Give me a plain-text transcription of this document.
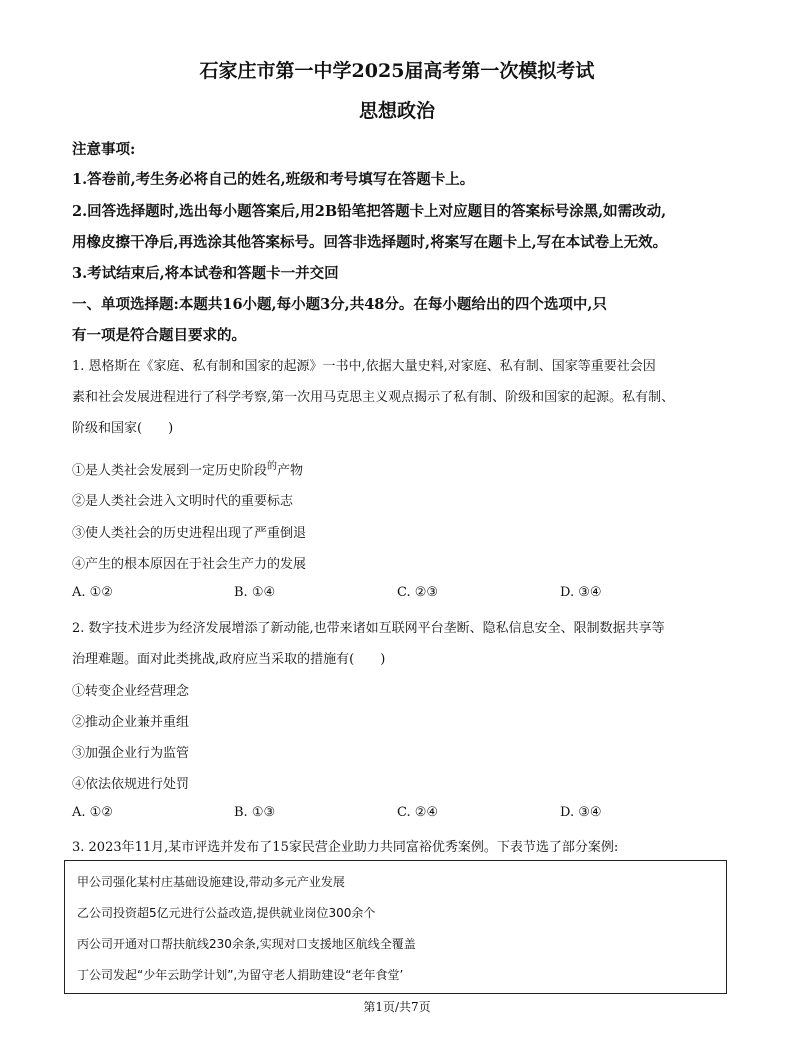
石家庄市第一中学2025届高考第一次模拟考试
思想政治
注意事项:
1.答卷前,考生务必将自己的姓名,班级和考号填写在答题卡上。
2.回答选择题时,选出每小题答案后,用2B铅笔把答题卡上对应题目的答案标号涂黑,如需改动,
用橡皮擦干净后,再选涂其他答案标号。回答非选择题时,将案写在题卡上,写在本试卷上无效。
3.考试结束后,将本试卷和答题卡一并交回
一、单项选择题:本题共16小题,每小题3分,共48分。在每小题给出的四个选项中,只
有一项是符合题目要求的。
1. 恩格斯在《家庭、私有制和国家的起源》一书中,依据大量史料,对家庭、私有制、国家等重要社会因
素和社会发展进程进行了科学考察,第一次用马克思主义观点揭示了私有制、阶级和国家的起源。私有制、
阶级和国家(　　)
①是人类社会发展到一定历史阶段$^的$产物
②是人类社会进入文明时代的重要标志
③使人类社会的历史进程出现了严重倒退
④产生的根本原因在于社会生产力的发展
A. ①②	B. ①④	C. ②③	D. ③④
2. 数字技术进步为经济发展增添了新动能,也带来诸如互联网平台垄断、隐私信息安全、限制数据共享等
治理难题。面对此类挑战,政府应当采取的措施有(　　)
①转变企业经营理念
②推动企业兼并重组
③加强企业行为监管
④依法依规进行处罚
A. ①②	B. ①③	C. ②④	D. ③④
3. 2023年11月,某市评选并发布了15家民营企业助力共同富裕优秀案例。下表节选了部分案例:
甲公司强化某村庄基础设施建设,带动多元产业发展
乙公司投资超5亿元进行公益改造,提供就业岗位300余个
丙公司开通对口帮扶航线230余条,实现对口支援地区航线全覆盖
丁公司发起“少年云助学计划”,为留守老人捐助建设“老年食堂’
第1页/共7页
